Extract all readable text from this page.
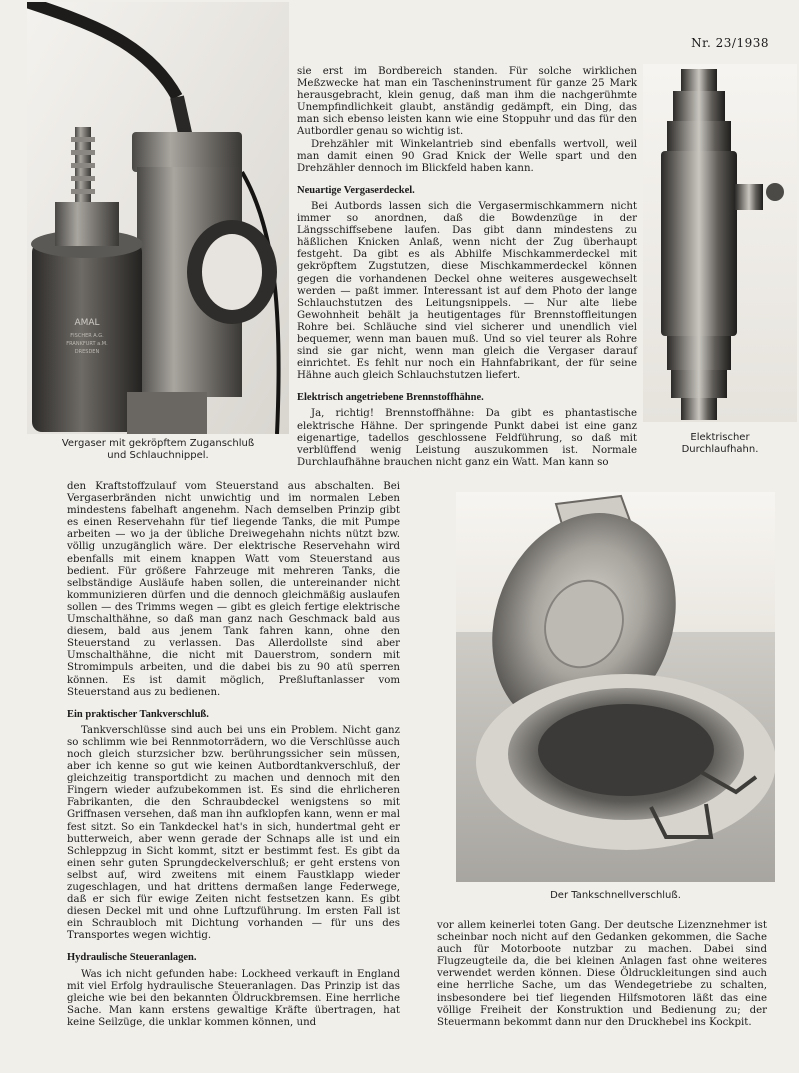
Nr. 23/1938
AMAL
FISCHER A.G.
FRANKFURT a.M.
DRESDEN
Vergaser mit gekröpftem Zuganschluß
und Schlauchnippel.

sie erst im Bordbereich standen. Für solche wirklichen Meßzwecke hat man ein Tascheninstrument für ganze 25 Mark herausgebracht, klein genug, daß man ihm die nachgerühmte Unempfindlichkeit glaubt, anständig gedämpft, ein Ding, das man sich ebenso leisten kann wie eine Stoppuhr und das für den Autbordler genau so wichtig ist.

Drehzähler mit Winkelantrieb sind ebenfalls wertvoll, weil man damit einen 90 Grad Knick der Welle spart und den Drehzähler dennoch im Blickfeld haben kann.

Neuartige Vergaserdeckel.

Bei Autbords lassen sich die Vergasermischkammern nicht immer so anordnen, daß die Bowdenzüge in der Längsschiffsebene laufen. Das gibt dann mindestens zu häßlichen Knicken Anlaß, wenn nicht der Zug überhaupt festgeht. Da gibt es als Abhilfe Mischkammerdeckel mit gekröpftem Zugstutzen, diese Mischkammerdeckel können gegen die vorhandenen Deckel ohne weiteres ausgewechselt werden — paßt immer. Interessant ist auf dem Photo der lange Schlauchstutzen des Leitungsnippels. — Nur alte liebe Gewohnheit behält ja heutigentages für Brennstoffleitungen Rohre bei. Schläuche sind viel sicherer und unendlich viel bequemer, wenn man bauen muß. Und so viel teurer als Rohre sind sie gar nicht, wenn man gleich die Vergaser darauf einrichtet. Es fehlt nur noch ein Hahnfabrikant, der für seine Hähne auch gleich Schlauchstutzen liefert.

Elektrisch angetriebene Brennstoffhähne.

Ja, richtig! Brennstoffhähne: Da gibt es phantastische elektrische Hähne. Der springende Punkt dabei ist eine ganz eigenartige, tadellos geschlossene Feldführung, so daß mit verblüffend wenig Leistung auszukommen ist. Normale Durchlaufhähne brauchen nicht ganz ein Watt. Man kann so

Elektrischer
Durchlaufhahn.

den Kraftstoffzulauf vom Steuerstand aus abschalten. Bei Vergaserbränden nicht unwichtig und im normalen Leben mindestens fabelhaft angenehm. Nach demselben Prinzip gibt es einen Reservehahn für tief liegende Tanks, die mit Pumpe arbeiten — wo ja der übliche Dreiwegehahn nichts nützt bzw. völlig unzugänglich wäre. Der elektrische Reservehahn wird ebenfalls mit einem knappen Watt vom Steuerstand aus bedient. Für größere Fahrzeuge mit mehreren Tanks, die selbständige Ausläufe haben sollen, die untereinander nicht kommunizieren dürfen und die dennoch gleichmäßig auslaufen sollen — des Trimms wegen — gibt es gleich fertige elektrische Umschalthähne, so daß man ganz nach Geschmack bald aus diesem, bald aus jenem Tank fahren kann, ohne den Steuerstand zu verlassen. Das Allerdollste sind aber Umschalthähne, die nicht mit Dauerstrom, sondern mit Stromimpuls arbeiten, und die dabei bis zu 90 atü sperren können. Es ist damit möglich, Preßluftanlasser vom Steuerstand aus zu bedienen.

Ein praktischer Tankverschluß.

Tankverschlüsse sind auch bei uns ein Problem. Nicht ganz so schlimm wie bei Rennmotorrädern, wo die Verschlüsse auch noch gleich sturzsicher bzw. berührungssicher sein müssen, aber ich kenne so gut wie keinen Autbordtankverschluß, der gleichzeitig transportdicht zu machen und dennoch mit den Fingern wieder aufzubekommen ist. Es sind die ehrlicheren Fabrikanten, die den Schraubdeckel wenigstens so mit Griffnasen versehen, daß man ihn aufklopfen kann, wenn er mal fest sitzt. So ein Tankdeckel hat's in sich, hundertmal geht er butterweich, aber wenn gerade der Schnaps alle ist und ein Schleppzug in Sicht kommt, sitzt er bestimmt fest. Es gibt da einen sehr guten Sprungdeckelverschluß; er geht erstens von selbst auf, wird zweitens mit einem Faustklapp wieder zugeschlagen, und hat drittens dermaßen lange Federwege, daß er sich für ewige Zeiten nicht festsetzen kann. Es gibt diesen Deckel mit und ohne Luftzuführung. Im ersten Fall ist ein Schraubloch mit Dichtung vorhanden — für uns des Transportes wegen wichtig.

Hydraulische Steueranlagen.

Was ich nicht gefunden habe: Lockheed verkauft in England mit viel Erfolg hydraulische Steueranlagen. Das Prinzip ist das gleiche wie bei den bekannten Öldruckbremsen. Eine herrliche Sache. Man kann erstens gewaltige Kräfte übertragen, hat keine Seilzüge, die unklar kommen können, und

Der Tankschnellverschluß.

vor allem keinerlei toten Gang. Der deutsche Lizenznehmer ist scheinbar noch nicht auf den Gedanken gekommen, die Sache auch für Motorboote nutzbar zu machen. Dabei sind Flugzeugteile da, die bei kleinen Anlagen fast ohne weiteres verwendet werden können. Diese Öldruckleitungen sind auch eine herrliche Sache, um das Wendegetriebe zu schalten, insbesondere bei tief liegenden Hilfsmotoren läßt das eine völlige Freiheit der Konstruktion und Bedienung zu; der Steuermann bekommt dann nur den Druckhebel ins Kockpit.
